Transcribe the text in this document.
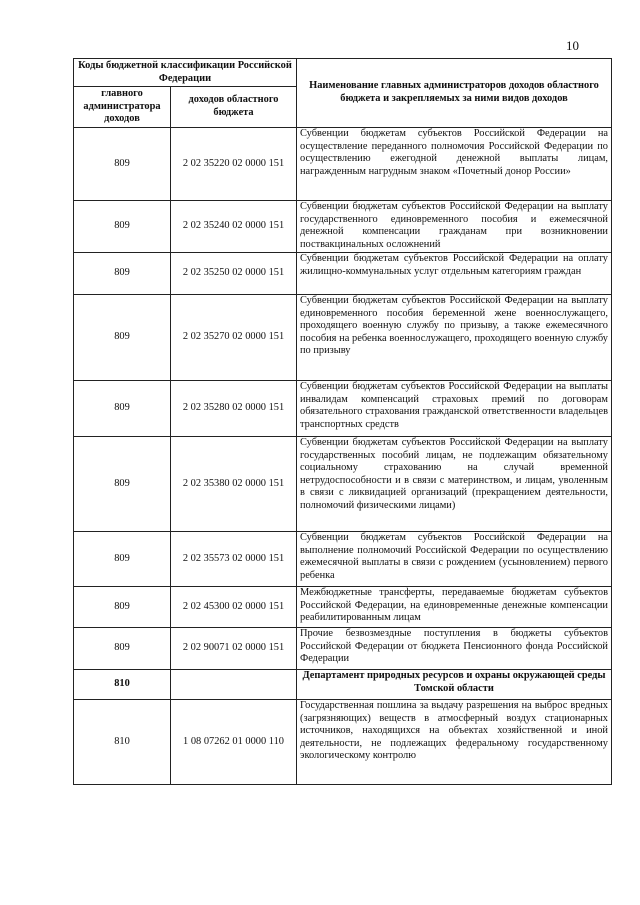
10
Коды бюджетной классификации Российской Федерации		Наименование главных администраторов доходов областного бюджета и закрепляемых за ними видов доходов
главного администратора доходов	доходов областного бюджета	
809	2 02 35220 02 0000 151	Субвенции бюджетам субъектов Российской Федерации на осуществление переданного полномочия Российской Федерации по осуществлению ежегодной денежной выплаты лицам, награжденным нагрудным знаком «Почетный донор России»
809	2 02 35240 02 0000 151	Субвенции бюджетам субъектов Российской Федерации на выплату государственного единовременного пособия и ежемесячной денежной компенсации гражданам при возникновении поствакцинальных осложнений
809	2 02 35250 02 0000 151	Субвенции бюджетам субъектов Российской Федерации на оплату жилищно-коммунальных услуг отдельным категориям граждан
809	2 02 35270 02 0000 151	Субвенции бюджетам субъектов Российской Федерации на выплату единовременного пособия беременной жене военнослужащего, проходящего военную службу по призыву, а также ежемесячного пособия на ребенка военнослужащего, проходящего военную службу по призыву
809	2 02 35280 02 0000 151	Субвенции бюджетам субъектов Российской Федерации на выплаты инвалидам компенсаций страховых премий по договорам обязательного страхования гражданской ответственности владельцев транспортных средств
809	2 02 35380 02 0000 151	Субвенции бюджетам субъектов Российской Федерации на выплату государственных пособий лицам, не подлежащим обязательному социальному страхованию на случай временной нетрудоспособности и в связи с материнством, и лицам, уволенным в связи с ликвидацией организаций (прекращением деятельности, полномочий физическими лицами)
809	2 02 35573 02 0000 151	Субвенции бюджетам субъектов Российской Федерации на выполнение полномочий Российской Федерации по осуществлению ежемесячной выплаты в связи с рождением (усыновлением) первого ребенка
809	2 02 45300 02 0000 151	Межбюджетные трансферты, передаваемые бюджетам субъектов Российской Федерации, на единовременные денежные компенсации реабилитированным лицам
809	2 02 90071 02 0000 151	Прочие безвозмездные поступления в бюджеты субъектов Российской Федерации от бюджета Пенсионного фонда Российской Федерации
810		Департамент природных ресурсов и охраны окружающей среды Томской области
810	1 08 07262 01 0000 110	Государственная пошлина за выдачу разрешения на выброс вредных (загрязняющих) веществ в атмосферный воздух стационарных источников, находящихся на объектах хозяйственной и иной деятельности, не подлежащих федеральному государственному экологическому контролю
